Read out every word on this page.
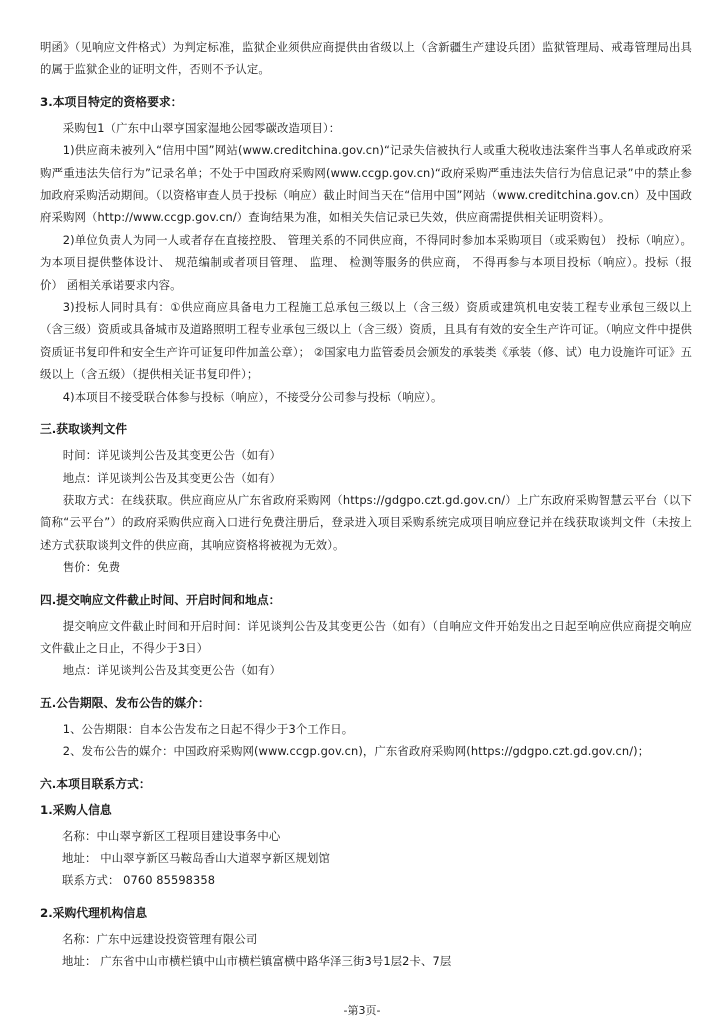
明函》（见响应文件格式）为判定标准，监狱企业须供应商提供由省级以上（含新疆生产建设兵团）监狱管理局、戒毒管理局出具的属于监狱企业的证明文件，否则不予认定。

3.本项目特定的资格要求：

采购包1（广东中山翠亨国家湿地公园零碳改造项目）：

1)供应商未被列入“信用中国”网站(www.creditchina.gov.cn)“记录失信被执行人或重大税收违法案件当事人名单或政府采购严重违法失信行为”记录名单；不处于中国政府采购网(www.ccgp.gov.cn)“政府采购严重违法失信行为信息记录”中的禁止参加政府采购活动期间。（以资格审查人员于投标（响应）截止时间当天在“信用中国”网站（www.creditchina.gov.cn）及中国政府采购网（http://www.ccgp.gov.cn/）查询结果为准，如相关失信记录已失效，供应商需提供相关证明资料）。

2)单位负责人为同一人或者存在直接控股、 管理关系的不同供应商，不得同时参加本采购项目（或采购包） 投标（响应）。 为本项目提供整体设计、 规范编制或者项目管理、 监理、 检测等服务的供应商， 不得再参与本项目投标（响应）。投标（报价） 函相关承诺要求内容。

3)投标人同时具有：①供应商应具备电力工程施工总承包三级以上（含三级）资质或建筑机电安装工程专业承包三级以上（含三级）资质或具备城市及道路照明工程专业承包三级以上（含三级）资质，且具有有效的安全生产许可证。（响应文件中提供资质证书复印件和安全生产许可证复印件加盖公章）； ②国家电力监管委员会颁发的承装类《承装（修、试）电力设施许可证》五级以上（含五级）（提供相关证书复印件）；

4)本项目不接受联合体参与投标（响应），不接受分公司参与投标（响应）。

三.获取谈判文件

时间：详见谈判公告及其变更公告（如有）

地点：详见谈判公告及其变更公告（如有）

获取方式：在线获取。供应商应从广东省政府采购网（https://gdgpo.czt.gd.gov.cn/）上广东政府采购智慧云平台（以下简称“云平台”）的政府采购供应商入口进行免费注册后，登录进入项目采购系统完成项目响应登记并在线获取谈判文件（未按上述方式获取谈判文件的供应商，其响应资格将被视为无效）。

售价：免费

四.提交响应文件截止时间、开启时间和地点：

提交响应文件截止时间和开启时间：详见谈判公告及其变更公告（如有）（自响应文件开始发出之日起至响应供应商提交响应文件截止之日止，不得少于3日）

地点：详见谈判公告及其变更公告（如有）

五.公告期限、发布公告的媒介：

1、公告期限：自本公告发布之日起不得少于3个工作日。

2、发布公告的媒介：中国政府采购网(www.ccgp.gov.cn)，广东省政府采购网(https://gdgpo.czt.gd.gov.cn/)；

六.本项目联系方式：
1.采购人信息

名称：中山翠亨新区工程项目建设事务中心

地址： 中山翠亨新区马鞍岛香山大道翠亨新区规划馆

联系方式： 0760 85598358

2.采购代理机构信息

名称：广东中远建设投资管理有限公司

地址： 广东省中山市横栏镇中山市横栏镇富横中路华泽三街3号1层2卡、7层

-第3页-
